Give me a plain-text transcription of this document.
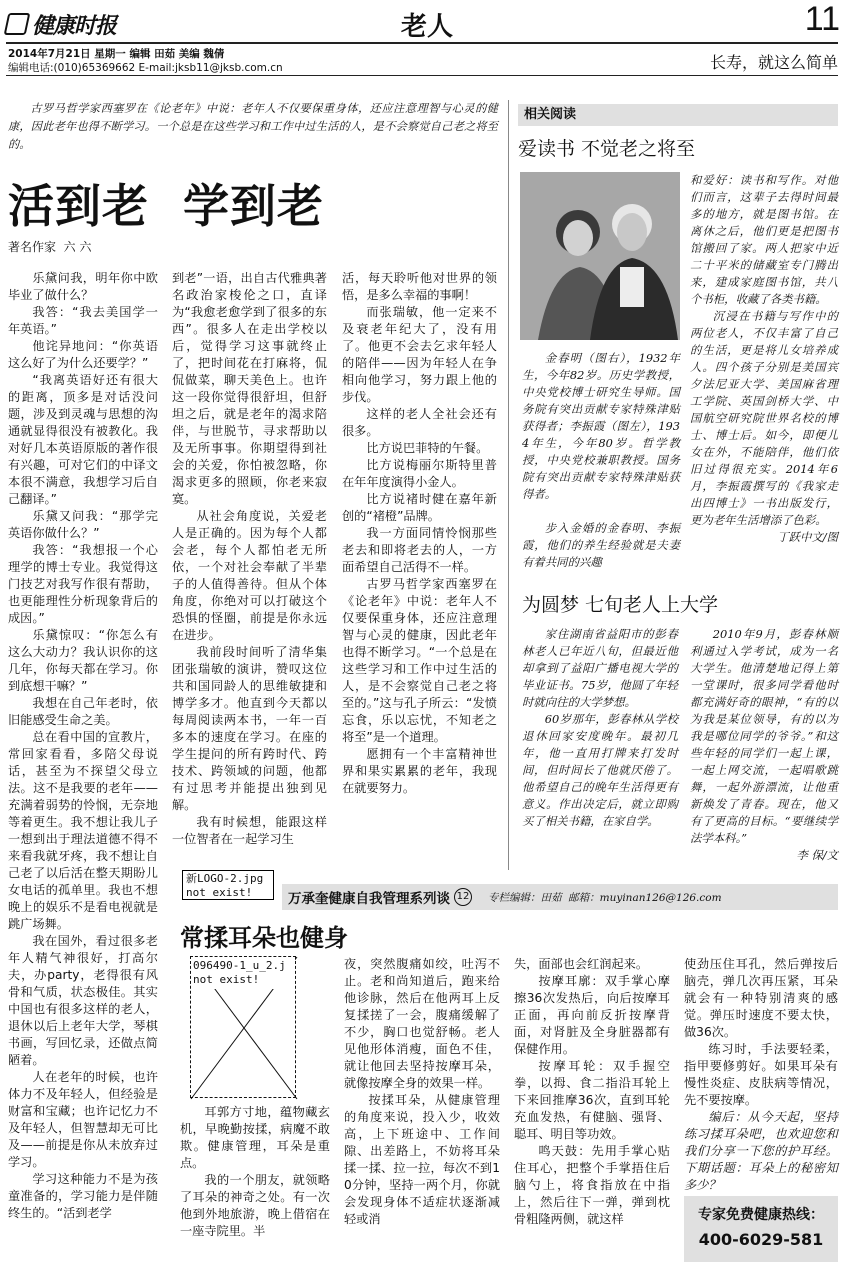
健康时报	老人	11
2014年7月21日 星期一 编辑 田茹 美编 魏倩
编辑电话:(010)65369662 E-mail:jksb11@jksb.com.cn	长寿，就这么简单
古罗马哲学家西塞罗在《论老年》中说：老年人不仅要保重身体，还应注意理智与心灵的健康，因此老年也得不断学习。一个总是在这些学习和工作中过生活的人，是不会察觉自己老之将至的。
活到老  学到老
著名作家  六 六

乐黛问我，明年你中欧毕业了做什么？

我答：“我去美国学一年英语。”

他诧异地问：“你英语这么好了为什么还要学？”

“我离英语好还有很大的距离，顶多是对话没问题，涉及到灵魂与思想的沟通就显得很没有被教化。我对好几本英语原版的著作很有兴趣，可对它们的中译文本很不满意，我想学习后自己翻译。”

乐黛又问我：“那学完英语你做什么？”

我答：“我想报一个心理学的博士专业。我觉得这门技艺对我写作很有帮助，也更能理性分析现象背后的成因。”

乐黛惊叹：“你怎么有这么大动力？我认识你的这几年，你每天都在学习。你到底想干嘛？”

我想在自己年老时，依旧能感受生命之美。

总在看中国的宣教片，常回家看看，多陪父母说话，甚至为不探望父母立法。这不是我要的老年——充满着弱势的怜悯，无奈地等着更生。我不想让我儿子一想到出于理法道德不得不来看我就牙疼，我不想让自己老了以后活在整天期盼儿女电话的孤单里。我也不想晚上的娱乐不是看电视就是跳广场舞。

我在国外，看过很多老年人精气神很好，打高尔夫，办party，老得很有风骨和气质，状态极佳。其实中国也有很多这样的老人，退休以后上老年大学，琴棋书画，写回忆录，还做点简陋着。

人在老年的时候，也许体力不及年轻人，但经验是财富和宝藏；也许记忆力不及年轻人，但智慧却无可比及——前提是你从未放弃过学习。

学习这种能力不是为孩童准备的，学习能力是伴随终生的。“活到老学

到老”一语，出自古代雅典著名政治家梭伦之口，直译为“我愈老愈学到了很多的东西”。很多人在走出学校以后，觉得学习这事就终止了，把时间花在打麻将，侃侃做菜，聊天美色上。也许这一段你觉得很舒坦，但舒坦之后，就是老年的渴求陪伴，与世脱节，寻求帮助以及无所事事。你期望得到社会的关爱，你怕被忽略，你渴求更多的照顾，你老来寂寞。

从社会角度说，关爱老人是正确的。因为每个人都会老，每个人都怕老无所依，一个对社会奉献了半辈子的人值得善待。但从个体角度，你绝对可以打破这个恐惧的怪圈，前提是你永远在进步。

我前段时间听了清华集团张瑞敏的演讲，赞叹这位共和国同龄人的思维敏捷和博学多才。他直到今天都以每周阅读两本书，一年一百多本的速度在学习。在座的学生提问的所有跨时代、跨技术、跨领域的问题，他都有过思考并能提出独到见解。

我有时候想，能跟这样一位智者在一起学习生

活，每天聆听他对世界的领悟，是多么幸福的事啊！

而张瑞敏，他一定来不及衰老年纪大了，没有用了。他更不会去乞求年轻人的陪伴——因为年轻人在争相向他学习，努力跟上他的步伐。

这样的老人全社会还有很多。

比方说巴菲特的午餐。

比方说梅丽尔斯特里普在年年度演得小金人。

比方说褚时健在嘉年新创的“褚橙”品牌。

我一方面同情怜悯那些老去和即将老去的人，一方面希望自己活得不一样。

古罗马哲学家西塞罗在《论老年》中说：老年人不仅要保重身体，还应注意理智与心灵的健康，因此老年也得不断学习。“一个总是在这些学习和工作中过生活的人，是不会察觉自己老之将至的。”这与孔子所云：“发愤忘食，乐以忘忧，不知老之将至”是一个道理。

愿拥有一个丰富精神世界和果实累累的老年，我现在就要努力。

相关阅读
爱读书 不觉老之将至

金春明（图右），1932年生，今年82岁。历史学教授，中央党校博士研究生导师。国务院有突出贡献专家特殊津贴获得者；李振霞（图左），1934年生，今年80岁。哲学教授，中央党校兼职教授。国务院有突出贡献专家特殊津贴获得者。

步入金婚的金春明、李振霞，他们的养生经验就是夫妻有着共同的兴趣

和爱好：读书和写作。对他们而言，这辈子去得时间最多的地方，就是图书馆。在离休之后，他们更是把图书馆搬回了家。两人把家中近二十平米的储藏室专门腾出来，建成家庭图书馆，共八个书柜，收藏了各类书籍。

沉浸在书籍与写作中的两位老人，不仅丰富了自己的生活，更是将儿女培养成人。四个孩子分别是美国宾夕法尼亚大学、美国麻省理工学院、英国剑桥大学、中国航空研究院世界名校的博士、博士后。如今，即便儿女在外，不能陪伴，他们依旧过得很充实。2014年6月，李振霞撰写的《我家走出四博士》一书出版发行，更为老年生活增添了色彩。

丁跃中文/图

为圆梦 七旬老人上大学

家住湖南省益阳市的彭春林老人已年近八旬，但最近他却拿到了益阳广播电视大学的毕业证书。75岁，他圆了年轻时就向往的大学梦想。

60岁那年，彭春林从学校退休回家安度晚年。最初几年，他一直用打牌来打发时间，但时间长了他就厌倦了。他希望自己的晚年生活得更有意义。作出决定后，就立即购买了相关书籍，在家自学。

2010年9月，彭春林顺利通过入学考试，成为一名大学生。他清楚地记得上第一堂课时，很多同学看他时都充满好奇的眼神，“有的以为我是某位领导，有的以为我是哪位同学的爷爷。”和这些年轻的同学们一起上课，一起上网交流，一起唱歌跳舞，一起外游漂流，让他重新焕发了青春。现在，他又有了更高的目标。“要继续学法学本科。”

李 保/文

新LOGO-2.jpg not exist!	万承奎健康自我管理系列谈 12 专栏编辑：田茹  邮箱：muyinan126@126.com
常揉耳朵也健身
096490-1_u_2.j not exist!

耳郭方寸地，蕴物藏玄机，早晚勤按揉，病魔不敢欺。健康管理，耳朵是重点。

我的一个朋友，就领略了耳朵的神奇之处。有一次他到外地旅游，晚上借宿在一座寺院里。半

夜，突然腹痛如绞，吐泻不止。老和尚知道后，跑来给他诊脉，然后在他两耳上反复揉搓了一会，腹痛缓解了不少，胸口也觉舒畅。老人见他形体消瘦，面色不佳，就让他回去坚持按摩耳朵，就像按摩全身的效果一样。

按揉耳朵，从健康管理的角度来说，投入少，收效高，上下班途中、工作间隙、出差路上，不妨将耳朵揉一揉、拉一拉，每次不到10分钟，坚持一两个月，你就会发现身体不适症状逐渐减轻或消

失，面部也会红润起来。

按摩耳廓：双手掌心摩擦36次发热后，向后按摩耳正面，再向前反折按摩背面，对肾脏及全身脏器都有保健作用。

按摩耳轮：双手握空拳，以拇、食二指沿耳轮上下来回推摩36次，直到耳轮充血发热，有健脑、强肾、聪耳、明目等功效。

鸣天鼓：先用手掌心贴住耳心，把整个手掌捂住后脑勺上，将食指放在中指上，然后往下一弹，弹到枕骨粗隆两侧，就这样

使劲压住耳孔，然后弹按后脑壳，弹几次再压紧，耳朵就会有一种特别清爽的感觉。弹压时速度不要太快，做36次。

练习时，手法要轻柔，指甲要修剪好。如果耳朵有慢性炎症、皮肤病等情况，先不要按摩。

编后：从今天起，坚持练习揉耳朵吧，也欢迎您和我们分享一下您的护耳经。下期话题：耳朵上的秘密知多少？

专家免费健康热线：
400-6029-581
